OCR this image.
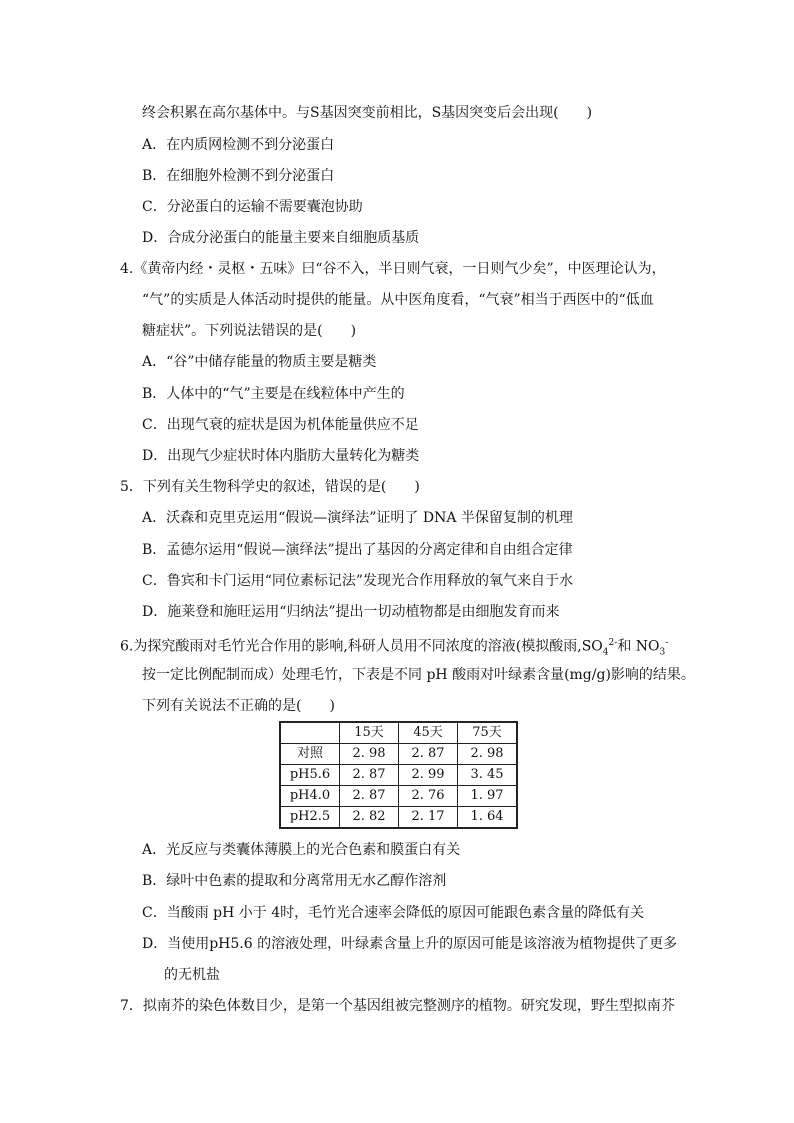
终会积累在高尔基体中。与S基因突变前相比，S基因突变后会出现(　　)
A．在内质网检测不到分泌蛋白
B．在细胞外检测不到分泌蛋白
C．分泌蛋白的运输不需要囊泡协助
D．合成分泌蛋白的能量主要来自细胞质基质
4.《黄帝内经・灵枢・五味》曰“谷不入，半日则气衰，一日则气少矣”，中医理论认为，
“气”的实质是人体活动时提供的能量。从中医角度看，“气衰”相当于西医中的“低血
糖症状”。下列说法错误的是(　　)
A．“谷”中储存能量的物质主要是糖类
B．人体中的“气”主要是在线粒体中产生的
C．出现气衰的症状是因为机体能量供应不足
D．出现气少症状时体内脂肪大量转化为糖类
5．下列有关生物科学史的叙述，错误的是(　　)
A．沃森和克里克运用“假说—演绎法”证明了 DNA 半保留复制的机理
B．孟德尔运用“假说—演绎法”提出了基因的分离定律和自由组合定律
C．鲁宾和卡门运用“同位素标记法”发现光合作用释放的氧气来自于水
D．施莱登和施旺运用“归纳法”提出一切动植物都是由细胞发育而来
6.为探究酸雨对毛竹光合作用的影响,科研人员用不同浓度的溶液(模拟酸雨$,SO_4^{2-}$和 $NO_3^-$
按一定比例配制而成）处理毛竹，下表是不同 pH 酸雨对叶绿素含量(mg/g)影响的结果。
下列有关说法不正确的是(　　)
	15天	45天	75天
对照	2. 98	2. 87	2. 98
pH5.6	2. 87	2. 99	3. 45
pH4.0	2. 87	2. 76	1. 97
pH2.5	2. 82	2. 17	1. 64
A．光反应与类囊体薄膜上的光合色素和膜蛋白有关
B．绿叶中色素的提取和分离常用无水乙醇作溶剂
C．当酸雨 pH 小于 4时，毛竹光合速率会降低的原因可能跟色素含量的降低有关
D．当使用pH5.6 的溶液处理，叶绿素含量上升的原因可能是该溶液为植物提供了更多
的无机盐
7．拟南芥的染色体数目少，是第一个基因组被完整测序的植物。研究发现，野生型拟南芥
